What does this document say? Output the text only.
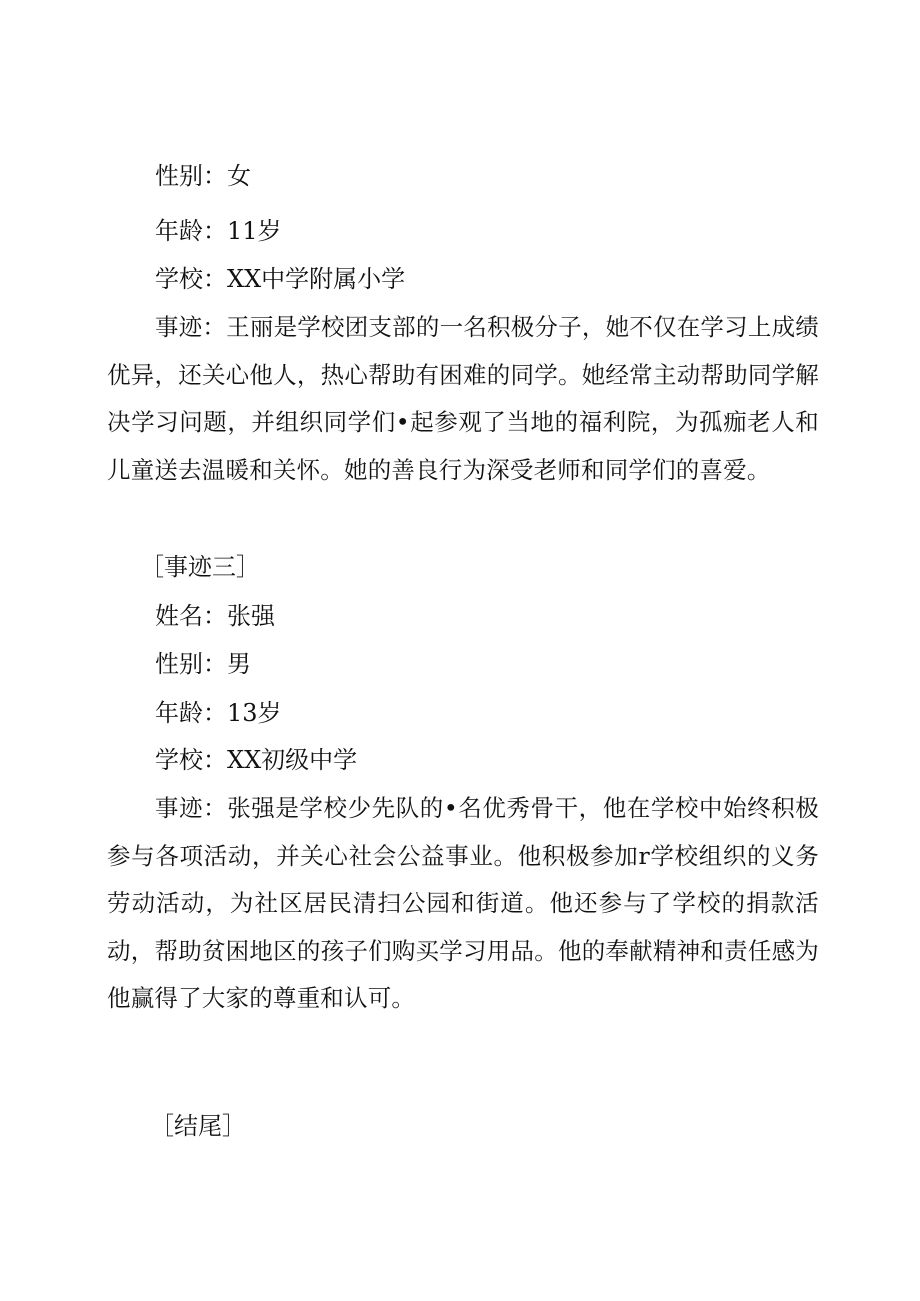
性别：女
年龄：11岁
学校：XX中学附属小学
事迹：王丽是学校团支部的一名积极分子，她不仅在学习上成绩优异，还关心他人，热心帮助有困难的同学。她经常主动帮助同学解决学习问题，并组织同学们•起参观了当地的福利院，为孤痂老人和儿童送去温暖和关怀。她的善良行为深受老师和同学们的喜爱。
［事迹三］
姓名：张强
性别：男
年龄：13岁
学校：XX初级中学
事迹：张强是学校少先队的•名优秀骨干，他在学校中始终积极参与各项活动，并关心社会公益事业。他积极参加r学校组织的义务劳动活动，为社区居民清扫公园和街道。他还参与了学校的捐款活动，帮助贫困地区的孩子们购买学习用品。他的奉献精神和责任感为他赢得了大家的尊重和认可。
［结尾］
